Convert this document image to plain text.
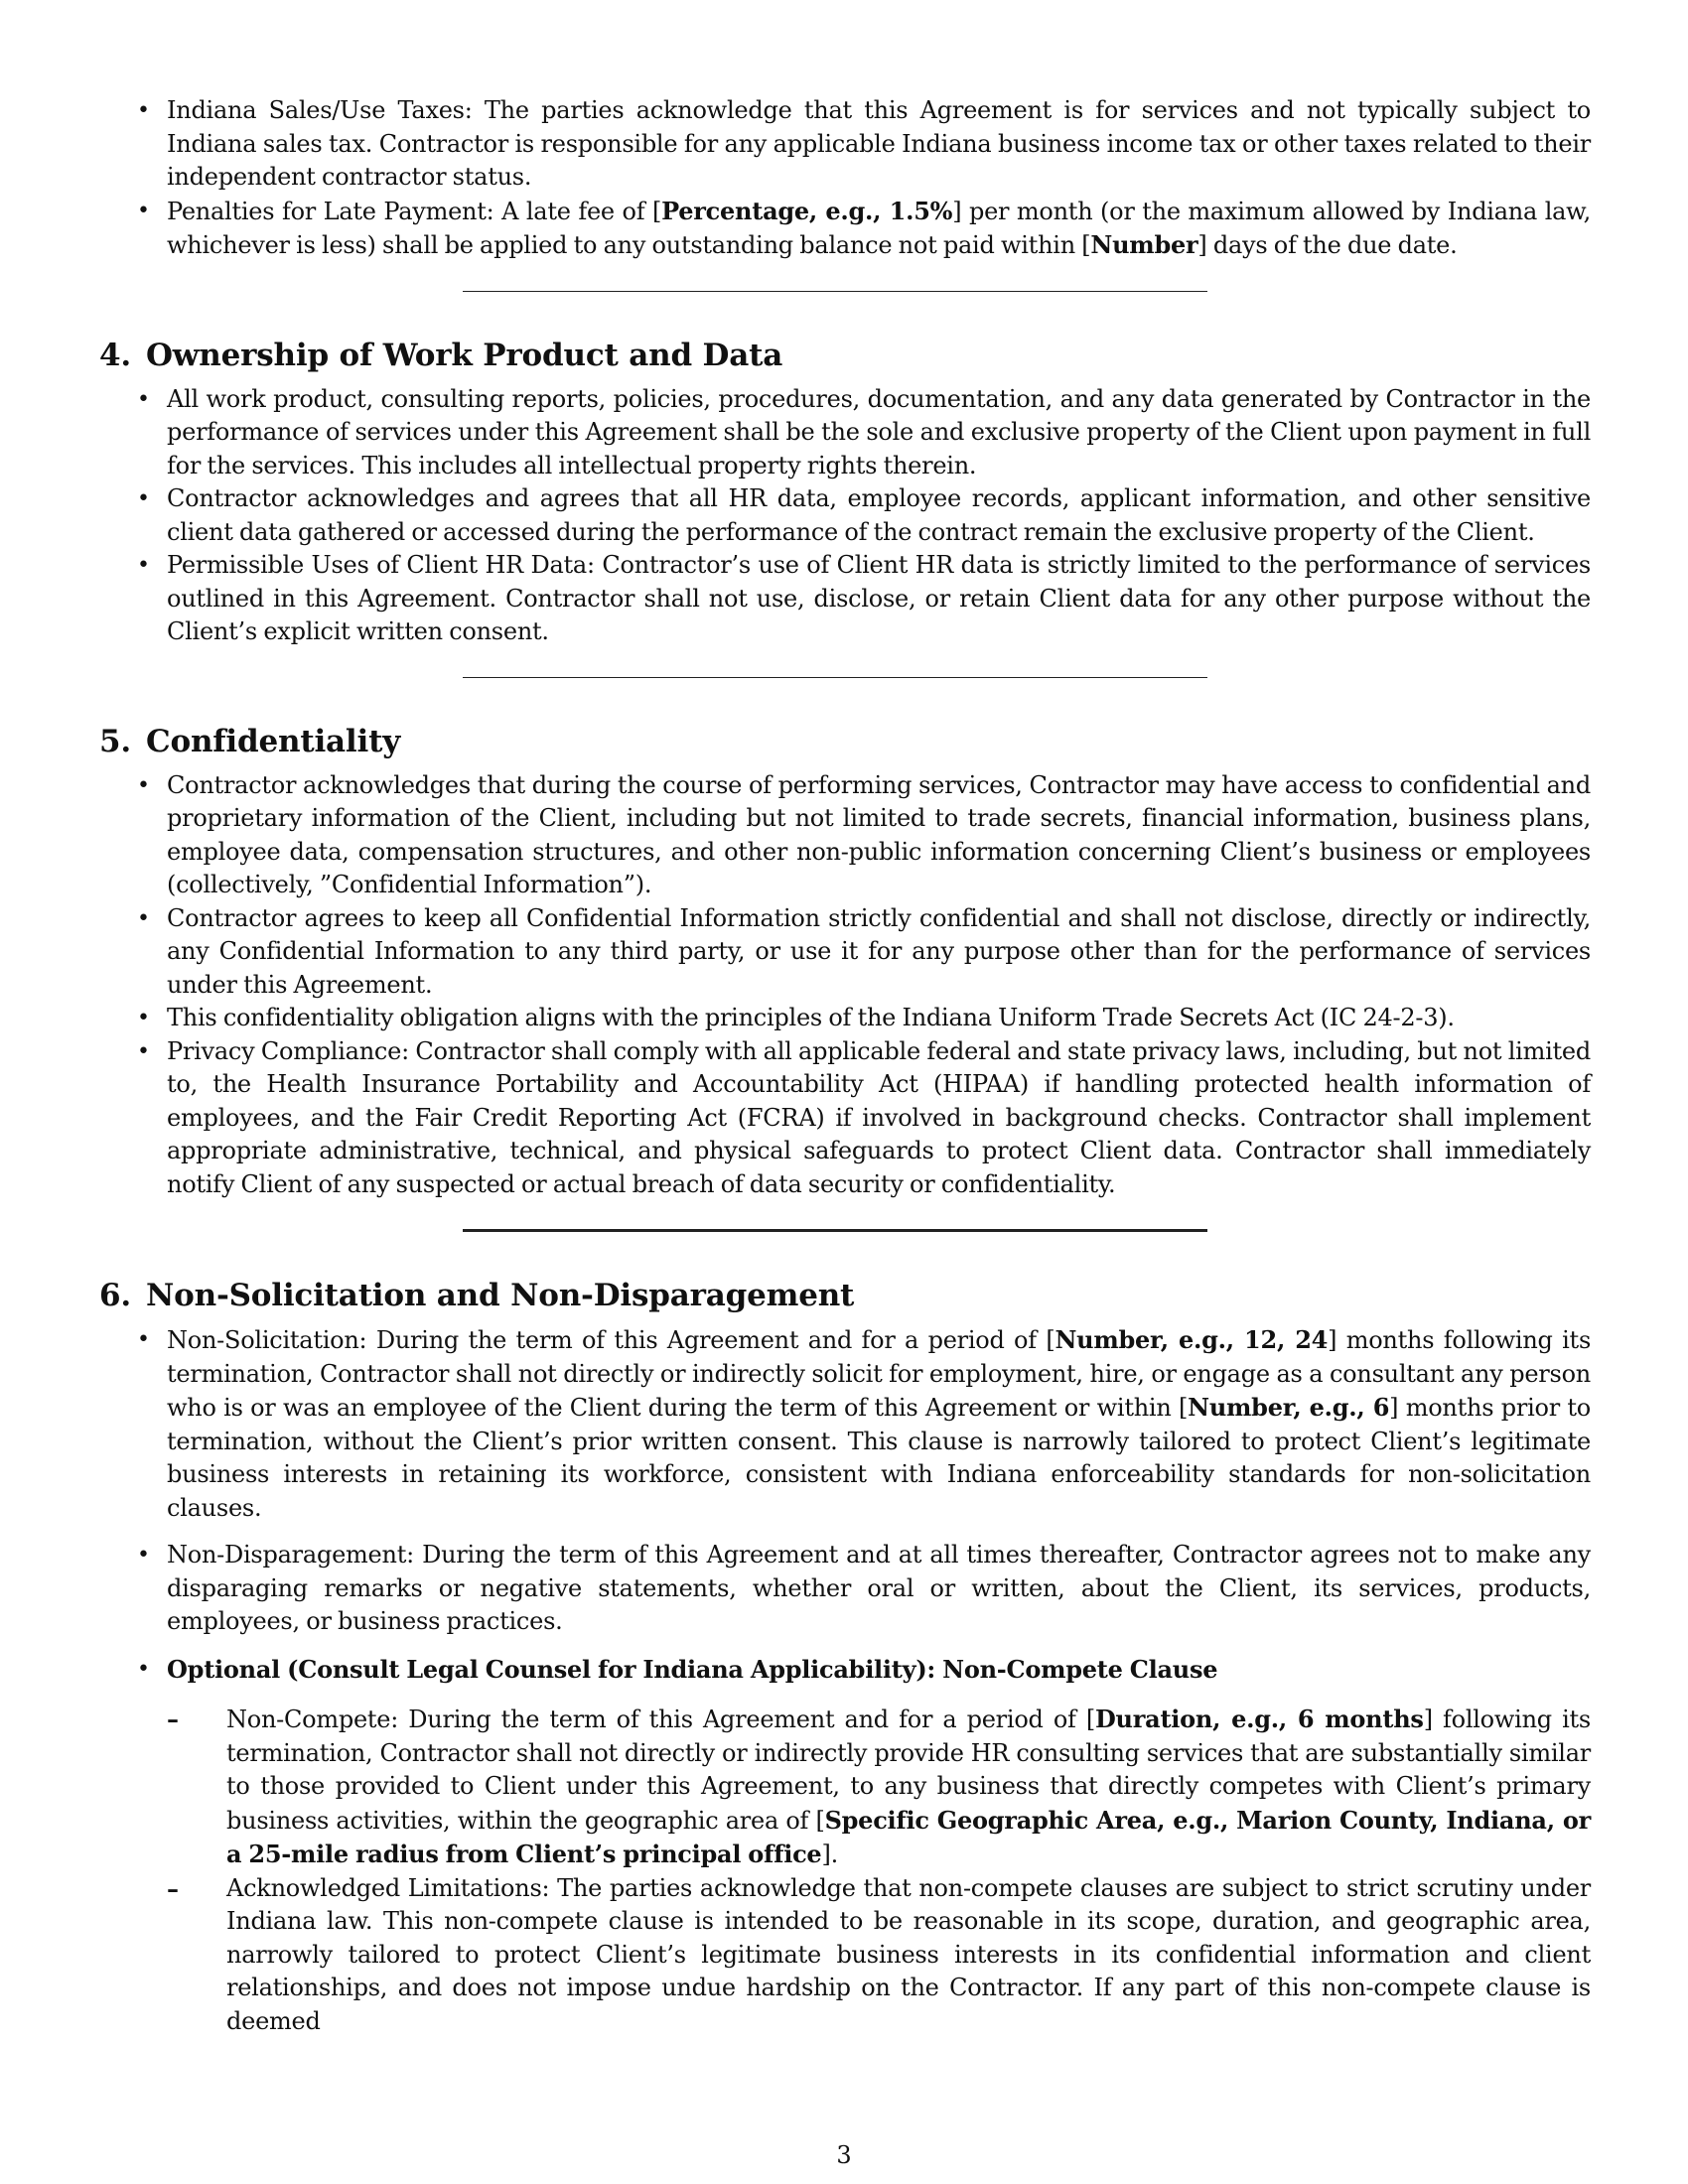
• Indiana Sales/Use Taxes: The parties acknowledge that this Agreement is for services and not typically subject to Indiana sales tax. Contractor is responsible for any applicable Indiana business income tax or other taxes related to their independent contractor status.
• Penalties for Late Payment: A late fee of [Percentage, e.g., 1.5%] per month (or the maximum allowed by Indiana law, whichever is less) shall be applied to any outstanding balance not paid within [Number] days of the due date.
4. Ownership of Work Product and Data
• All work product, consulting reports, policies, procedures, documentation, and any data generated by Contractor in the performance of services under this Agreement shall be the sole and exclusive property of the Client upon payment in full for the services. This includes all intellectual property rights therein.
• Contractor acknowledges and agrees that all HR data, employee records, applicant information, and other sensitive client data gathered or accessed during the performance of the contract remain the exclusive property of the Client.
• Permissible Uses of Client HR Data: Contractor’s use of Client HR data is strictly limited to the performance of services outlined in this Agreement. Contractor shall not use, disclose, or retain Client data for any other purpose without the Client’s explicit written consent.
5. Confidentiality
• Contractor acknowledges that during the course of performing services, Contractor may have access to confidential and proprietary information of the Client, including but not limited to trade secrets, financial information, business plans, employee data, compensation structures, and other non-public information concerning Client’s business or employees (collectively, ”Confidential Information”).
• Contractor agrees to keep all Confidential Information strictly confidential and shall not disclose, directly or indirectly, any Confidential Information to any third party, or use it for any purpose other than for the performance of services under this Agreement.
• This confidentiality obligation aligns with the principles of the Indiana Uniform Trade Secrets Act (IC 24-2-3).
• Privacy Compliance: Contractor shall comply with all applicable federal and state privacy laws, including, but not limited to, the Health Insurance Portability and Accountability Act (HIPAA) if handling protected health information of employees, and the Fair Credit Reporting Act (FCRA) if involved in background checks. Contractor shall implement appropriate administrative, technical, and physical safeguards to protect Client data. Contractor shall immediately notify Client of any suspected or actual breach of data security or confidentiality.
6. Non-Solicitation and Non-Disparagement
• Non-Solicitation: During the term of this Agreement and for a period of [Number, e.g., 12, 24] months following its termination, Contractor shall not directly or indirectly solicit for employment, hire, or engage as a consultant any person who is or was an employee of the Client during the term of this Agreement or within [Number, e.g., 6] months prior to termination, without the Client’s prior written consent. This clause is narrowly tailored to protect Client’s legitimate business interests in retaining its workforce, consistent with Indiana enforceability standards for non-solicitation clauses.
• Non-Disparagement: During the term of this Agreement and at all times thereafter, Contractor agrees not to make any disparaging remarks or negative statements, whether oral or written, about the Client, its services, products, employees, or business practices.
• Optional (Consult Legal Counsel for Indiana Applicability): Non-Compete Clause
– Non-Compete: During the term of this Agreement and for a period of [Duration, e.g., 6 months] following its termination, Contractor shall not directly or indirectly provide HR consulting services that are substantially similar to those provided to Client under this Agreement, to any business that directly competes with Client’s primary business activities, within the geographic area of [Specific Geographic Area, e.g., Marion County, Indiana, or a 25-mile radius from Client’s principal office].
– Acknowledged Limitations: The parties acknowledge that non-compete clauses are subject to strict scrutiny under Indiana law. This non-compete clause is intended to be reasonable in its scope, duration, and geographic area, narrowly tailored to protect Client’s legitimate business interests in its confidential information and client relationships, and does not impose undue hardship on the Contractor. If any part of this non-compete clause is deemed
3
